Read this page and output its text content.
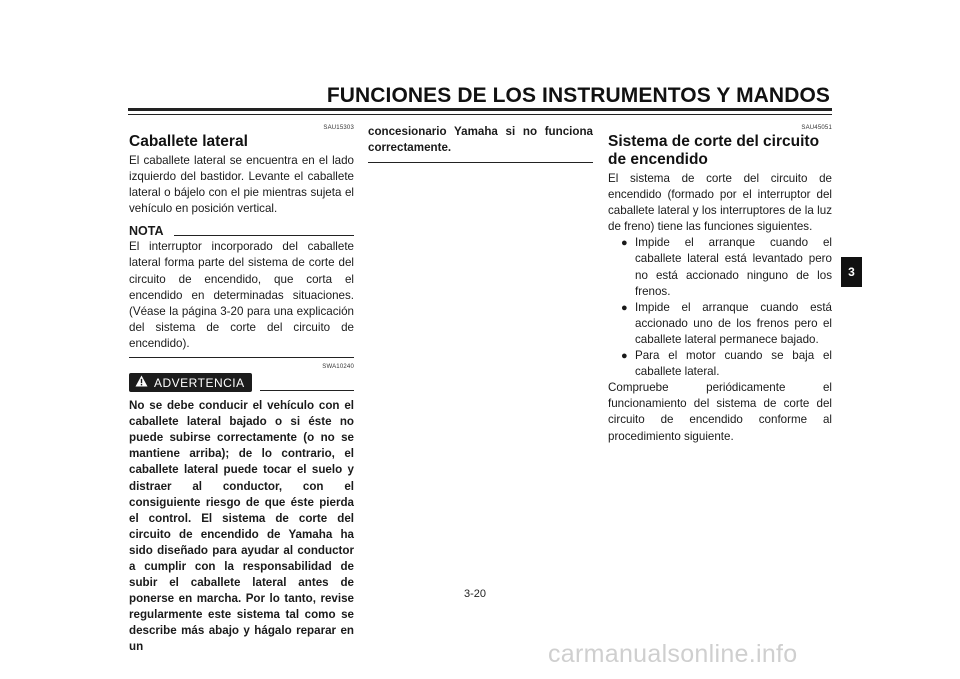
FUNCIONES DE LOS INSTRUMENTOS Y MANDOS
SAU15303
Caballete lateral
El caballete lateral se encuentra en el lado izquierdo del bastidor. Levante el caballete lateral o bájelo con el pie mientras sujeta el vehículo en posición vertical.
NOTA
El interruptor incorporado del caballete lateral forma parte del sistema de corte del circuito de encendido, que corta el encendido en determinadas situaciones. (Véase la página 3-20 para una explicación del sistema de corte del circuito de encendido).
SWA10240
ADVERTENCIA
No se debe conducir el vehículo con el caballete lateral bajado o si éste no puede subirse correctamente (o no se mantiene arriba); de lo contrario, el caballete lateral puede tocar el suelo y distraer al conductor, con el consiguiente riesgo de que éste pierda el control. El sistema de corte del circuito de encendido de Yamaha ha sido diseñado para ayudar al conductor a cumplir con la responsabilidad de subir el caballete lateral antes de ponerse en marcha. Por lo tanto, revise regularmente este sistema tal como se describe más abajo y hágalo reparar en un
concesionario Yamaha si no funciona correctamente.
SAU45051
Sistema de corte del circuito de encendido
El sistema de corte del circuito de encendido (formado por el interruptor del caballete lateral y los interruptores de la luz de freno) tiene las funciones siguientes.
● Impide el arranque cuando el caballete lateral está levantado pero no está accionado ninguno de los frenos.
● Impide el arranque cuando está accionado uno de los frenos pero el caballete lateral permanece bajado.
● Para el motor cuando se baja el caballete lateral.
Compruebe periódicamente el funcionamiento del sistema de corte del circuito de encendido conforme al procedimiento siguiente.
3
3-20
carmanualsonline.info
